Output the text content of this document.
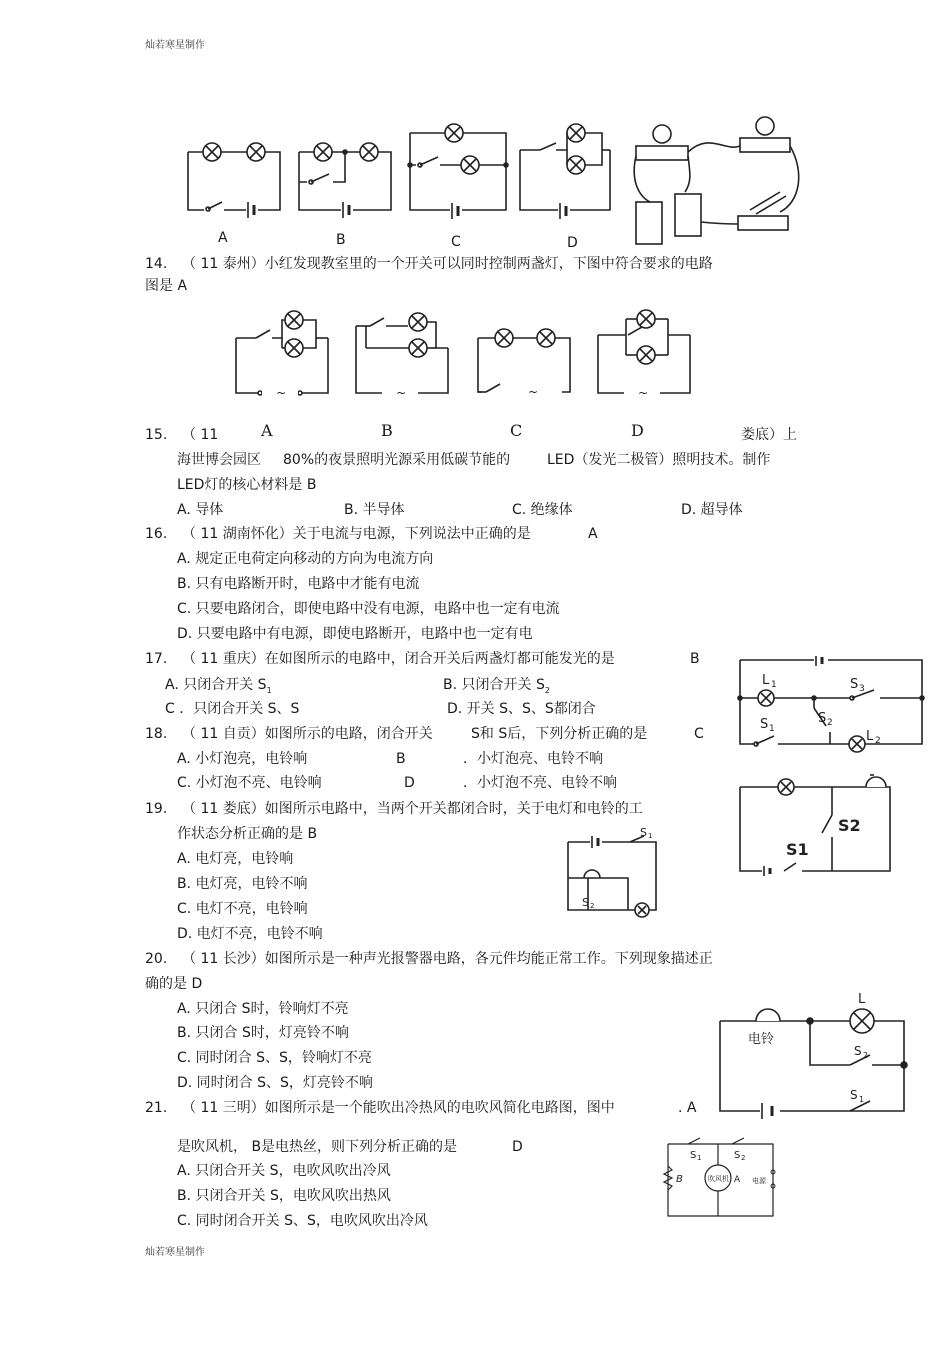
灿若寒星制作
灿若寒星制作
A	B	C	D
14. （ 11 泰州）小红发现教室里的一个开关可以同时控制两盏灯，下图中符合要求的电路
图是 A
~	~	~	~
A	B	C	D
15. （ 11	娄底）上
海世博会园区 80%的夜景照明光源采用低碳节能的	LED（发光二极管）照明技术。制作
LED灯的核心材料是 B
A. 导体	B. 半导体	C. 绝缘体	D. 超导体
16. （ 11 湖南怀化）关于电流与电源，下列说法中正确的是	A
A. 规定正电荷定向移动的方向为电流方向
B. 只有电路断开时，电路中才能有电流
C. 只要电路闭合，即使电路中没有电源，电路中也一定有电流
D. 只要电路中有电源，即使电路断开，电路中也一定有电
17. （ 11 重庆）在如图所示的电路中，闭合开关后两盏灯都可能发光的是	B
A. 只闭合开关 $S_1$	B. 只闭合开关 $S_2$
C ．只闭合开关 S、S	D. 开关 S、S、S都闭合
L 1	S 3
S 1
S 2
L 2
18. （ 11 自贡）如图所示的电路，闭合开关	S和 S后，下列分析正确的是	C
A. 小灯泡亮，电铃响	B	．小灯泡亮、电铃不响
C. 小灯泡不亮、电铃响	D	．小灯泡不亮、电铃不响
S2
S1
19. （ 11 娄底）如图所示电路中，当两个开关都闭合时，关于电灯和电铃的工
作状态分析正确的是 B
A. 电灯亮，电铃响
B. 电灯亮，电铃不响
C. 电灯不亮，电铃响
D. 电灯不亮，电铃不响
S 1
S 2
20. （ 11 长沙）如图所示是一种声光报警器电路，各元件均能正常工作。下列现象描述正
确的是 D
A. 只闭合 S时，铃响灯不亮
B. 只闭合 S时，灯亮铃不响
C. 同时闭合 S、S，铃响灯不亮
D. 同时闭合 S、S，灯亮铃不响
电铃
L
S 2
S 1
21. （ 11 三明）如图所示是一个能吹出冷热风的电吹风简化电路图，图中	. A
是吹风机， B是电热丝，则下列分析正确的是	D
A. 只闭合开关 S，电吹风吹出冷风
B. 只闭合开关 S，电吹风吹出热风
C. 同时闭合开关 S、S，电吹风吹出冷风
S 1	S 2
吹风机 A
B	电源
